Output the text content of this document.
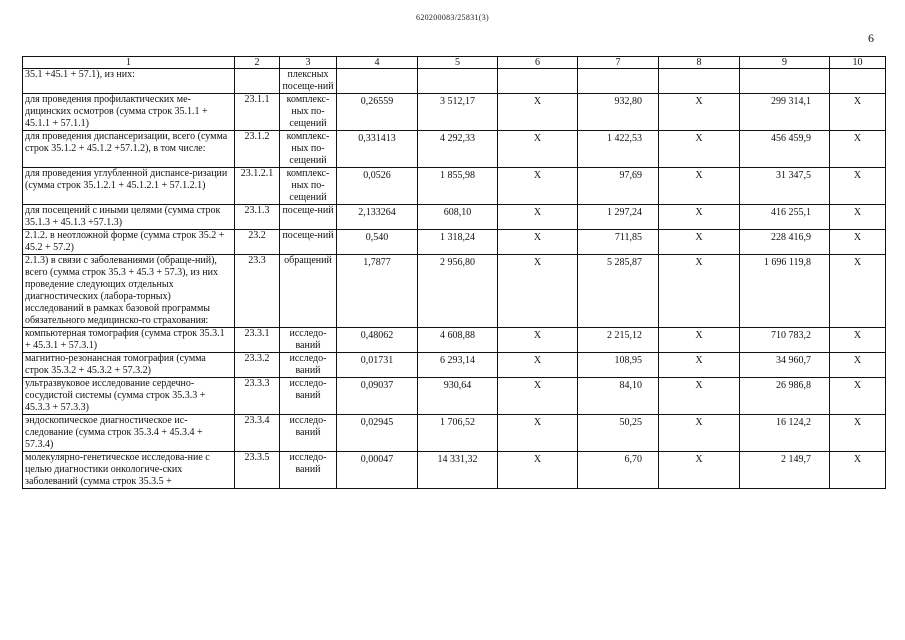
620200083/25831(3)
6
1	2	3	4	5	6	7	8	9	10
35.1 +45.1 + 57.1), из них:		плексных посеще-ний							
для проведения профилактических ме-дицинских осмотров (сумма строк 35.1.1 + 45.1.1 + 57.1.1)	23.1.1	комплекс-ных по-сещений	0,26559	3 512,17	X	932,80	X	299 314,1	X
для проведения диспансеризации, всего (сумма строк 35.1.2 + 45.1.2 +57.1.2), в том числе:	23.1.2	комплекс-ных по-сещений	0,331413	4 292,33	X	1 422,53	X	456 459,9	X
для проведения углубленной диспансе-ризации (сумма строк 35.1.2.1 + 45.1.2.1 + 57.1.2.1)	23.1.2.1	комплекс-ных по-сещений	0,0526	1 855,98	X	97,69	X	31 347,5	X
для посещений с иными целями (сумма строк 35.1.3 + 45.1.3 +57.1.3)	23.1.3	посеще-ний	2,133264	608,10	X	1 297,24	X	416 255,1	X
2.1.2. в неотложной форме (сумма строк 35.2 + 45.2 + 57.2)	23.2	посеще-ний	0,540	1 318,24	X	711,85	X	228 416,9	X
2.1.3) в связи с заболеваниями (обраще-ний), всего (сумма строк 35.3 + 45.3 + 57.3), из них проведение следующих отдельных диагностических (лабора-торных) исследований в рамках базовой программы обязательного медицинско-го страхования:	23.3	обращений	1,7877	2 956,80	X	5 285,87	X	1 696 119,8	X
компьютерная томография (сумма строк 35.3.1 + 45.3.1 + 57.3.1)	23.3.1	исследо-ваний	0,48062	4 608,88	X	2 215,12	X	710 783,2	X
магнитно-резонансная томография (сумма строк 35.3.2 + 45.3.2 + 57.3.2)	23.3.2	исследо-ваний	0,01731	6 293,14	X	108,95	X	34 960,7	X
ультразвуковое исследование сердечно-сосудистой системы (сумма строк 35.3.3 + 45.3.3 + 57.3.3)	23.3.3	исследо-ваний	0,09037	930,64	X	84,10	X	26 986,8	X
эндоскопическое диагностическое ис-следование (сумма строк 35.3.4 + 45.3.4 + 57.3.4)	23.3.4	исследо-ваний	0,02945	1 706,52	X	50,25	X	16 124,2	X
молекулярно-генетическое исследова-ние с целью диагностики онкологиче-ских заболеваний (сумма строк 35.3.5 +	23.3.5	исследо-ваний	0,00047	14 331,32	X	6,70	X	2 149,7	X
